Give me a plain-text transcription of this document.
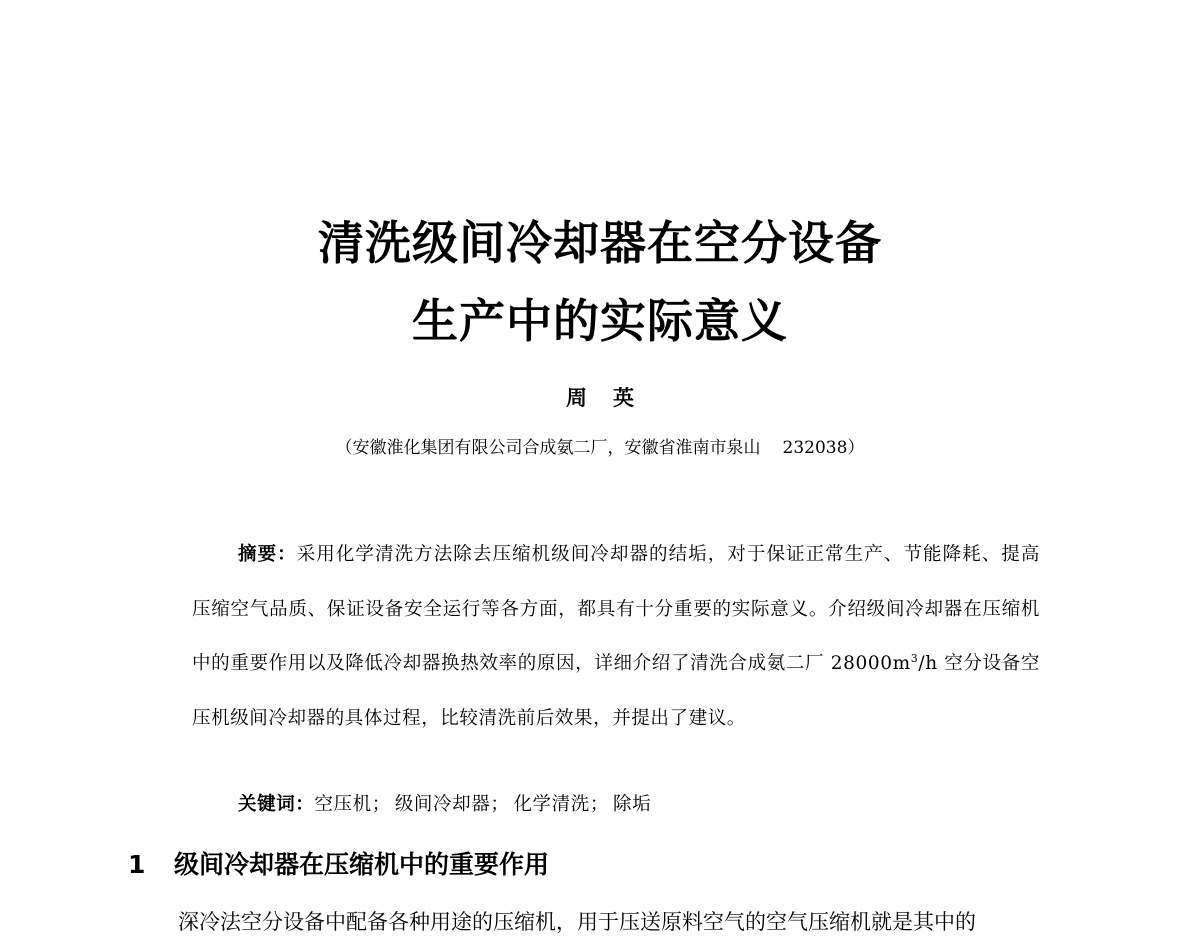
清洗级间冷却器在空分设备
生产中的实际意义
周 英
（安徽淮化集团有限公司合成氨二厂，安徽省淮南市泉山 232038）

摘要：采用化学清洗方法除去压缩机级间冷却器的结垢，对于保证正常生产、节能降耗、提高压缩空气品质、保证设备安全运行等各方面，都具有十分重要的实际意义。介绍级间冷却器在压缩机中的重要作用以及降低冷却器换热效率的原因，详细介绍了清洗合成氨二厂 $28000m^3/h$ 空分设备空压机级间冷却器的具体过程，比较清洗前后效果，并提出了建议。

关键词：空压机； 级间冷却器； 化学清洗； 除垢
1 级间冷却器在压缩机中的重要作用
深冷法空分设备中配备各种用途的压缩机，用于压送原料空气的空气压缩机就是其中的
